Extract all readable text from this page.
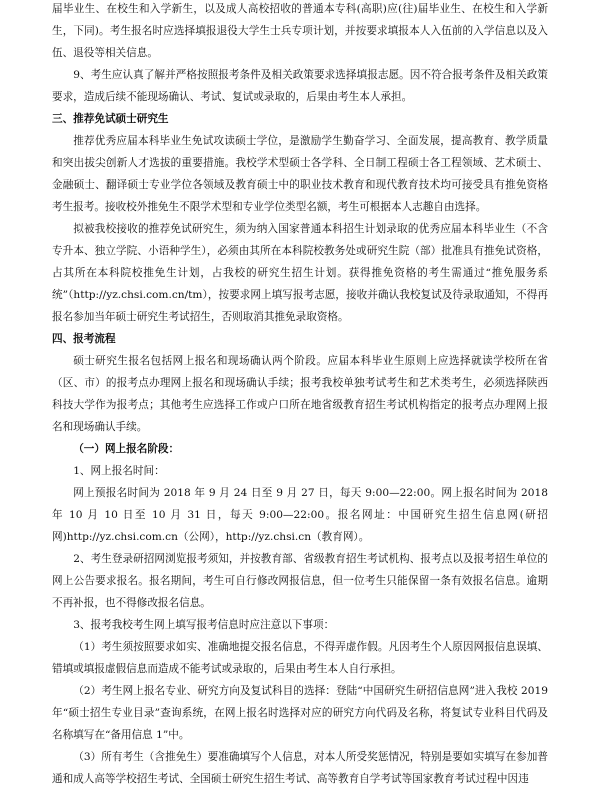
届毕业生、在校生和入学新生，以及成人高校招收的普通本专科(高职)应(往)届毕业生、在校生和入学新生，下同)。考生报名时应选择填报退役大学生士兵专项计划，并按要求填报本人入伍前的入学信息以及入伍、退役等相关信息。

9、考生应认真了解并严格按照报考条件及相关政策要求选择填报志愿。因不符合报考条件及相关政策要求，造成后续不能现场确认、考试、复试或录取的，后果由考生本人承担。

三、推荐免试硕士研究生

推荐优秀应届本科毕业生免试攻读硕士学位，是激励学生勤奋学习、全面发展，提高教育、教学质量和突出拔尖创新人才选拔的重要措施。我校学术型硕士各学科、全日制工程硕士各工程领域、艺术硕士、金融硕士、翻译硕士专业学位各领域及教育硕士中的职业技术教育和现代教育技术均可接受具有推免资格考生报考。接收校外推免生不限学术型和专业学位类型名额，考生可根据本人志趣自由选择。

拟被我校接收的推荐免试研究生，须为纳入国家普通本科招生计划录取的优秀应届本科毕业生（不含专升本、独立学院、小语种学生），必须由其所在本科院校教务处或研究生院（部）批准具有推免试资格，占其所在本科院校推免生计划，占我校的研究生招生计划。获得推免资格的考生需通过“推免服务系统”（http://yz.chsi.com.cn/tm），按要求网上填写报考志愿，接收并确认我校复试及待录取通知，不得再报名参加当年硕士研究生考试招生，否则取消其推免录取资格。

四、报考流程

硕士研究生报名包括网上报名和现场确认两个阶段。应届本科毕业生原则上应选择就读学校所在省（区、市）的报考点办理网上报名和现场确认手续；报考我校单独考试考生和艺术类考生，必须选择陕西科技大学作为报考点；其他考生应选择工作或户口所在地省级教育招生考试机构指定的报考点办理网上报名和现场确认手续。

（一）网上报名阶段：

1、网上报名时间：

网上预报名时间为 2018 年 9 月 24 日至 9 月 27 日，每天 9:00—22:00。网上报名时间为 2018 年 10 月 10 日至 10 月 31 日，每天 9:00—22:00。报名网址：中国研究生招生信息网(研招网)http://yz.chsi.com.cn（公网），http://yz.chsi.cn（教育网）。

2、考生登录研招网浏览报考须知，并按教育部、省级教育招生考试机构、报考点以及报考招生单位的网上公告要求报名。报名期间，考生可自行修改网报信息，但一位考生只能保留一条有效报名信息。逾期不再补报，也不得修改报名信息。

3、报考我校考生网上填写报考信息时应注意以下事项：

（1）考生须按照要求如实、准确地提交报名信息，不得弄虚作假。凡因考生个人原因网报信息误填、错填或填报虚假信息而造成不能考试或录取的，后果由考生本人自行承担。

（2）考生网上报名专业、研究方向及复试科目的选择：登陆“中国研究生研招信息网”进入我校 2019 年“硕士招生专业目录”查询系统，在网上报名时选择对应的研究方向代码及名称，将复试专业科目代码及名称填写在“备用信息 1”中。

（3）所有考生（含推免生）要准确填写个人信息，对本人所受奖惩情况，特别是要如实填写在参加普通和成人高等学校招生考试、全国硕士研究生招生考试、高等教育自学考试等国家教育考试过程中因违
